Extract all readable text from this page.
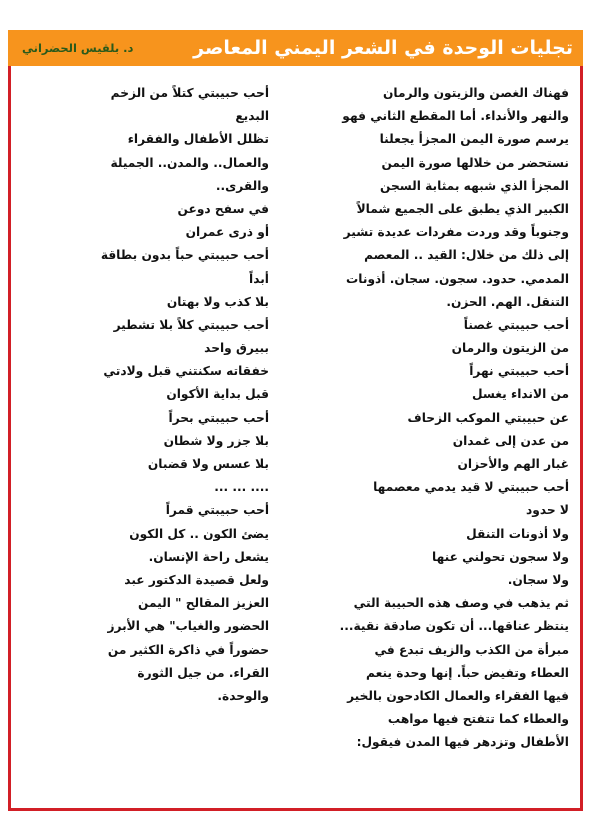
د. بلقيس الحضراني	تجليات الوحدة في الشعر اليمني المعاصر
فهناك الغصن والزيتون والرمان
والنهر والأنداء. أما المقطع الثاني فهو
يرسم صورة اليمن المجزأ يجعلنا
نستحضر من خلالها صورة اليمن
المجزأ الذي شبهه بمثابة السجن
الكبير الذي يطبق على الجميع شمالاً
وجنوباً وقد وردت مفردات عديدة تشير
إلى ذلك من خلال: القيد .. المعصم
المدمي. حدود. سجون. سجان. أذونات
التنقل. الهم. الحزن.
أحب حبيبتي غصناً
من الزيتون والرمان
أحب حبيبتي نهراً
من الانداء يغسل
عن حبيبتي الموكب الزحاف
من عدن إلى غمدان
غبار الهم والأحزان
أحب حبيبتي لا قيد يدمي معصمها
لا حدود
ولا أذونات التنقل
ولا سجون تحولني عنها
ولا سجان.
ثم يذهب في وصف هذه الحبيبة التي
ينتظر عناقها... أن تكون صادقة نقية...
مبرأة من الكذب والزيف تبدع في
العطاء وتفيض حباً. إنها وحدة ينعم
فيها الفقراء والعمال الكادحون بالخير
والعطاء كما تتفتح فيها مواهب
الأطفال وتزدهر فيها المدن فيقول:
أحب حبيبتي كتلاً من الزخم
البديع
تظلل الأطفال والفقراء
والعمال.. والمدن.. الجميلة
والقرى..
في سفح دوعن
أو ذرى عمران
أحب حبيبتي حباً بدون بطاقة
أبداً
بلا كذب ولا بهتان
أحب حبيبتي كلاً بلا تشطير
ببيرق واحد
خفقاته سكنتني قبل ولادتي
قبل بداية الأكوان
أحب حبيبتي بحراً
بلا جزر ولا شطان
بلا عسس ولا قضبان
.... ... ...
أحب حبيبتي قمراً
يضئ الكون .. كل الكون
يشعل راحة الإنسان.
ولعل قصيدة الدكتور عبد
العزيز المقالح " اليمن
الحضور والغياب" هي الأبرز
حضوراً في ذاكرة الكثير من
القراء. من جيل الثورة
والوحدة.
